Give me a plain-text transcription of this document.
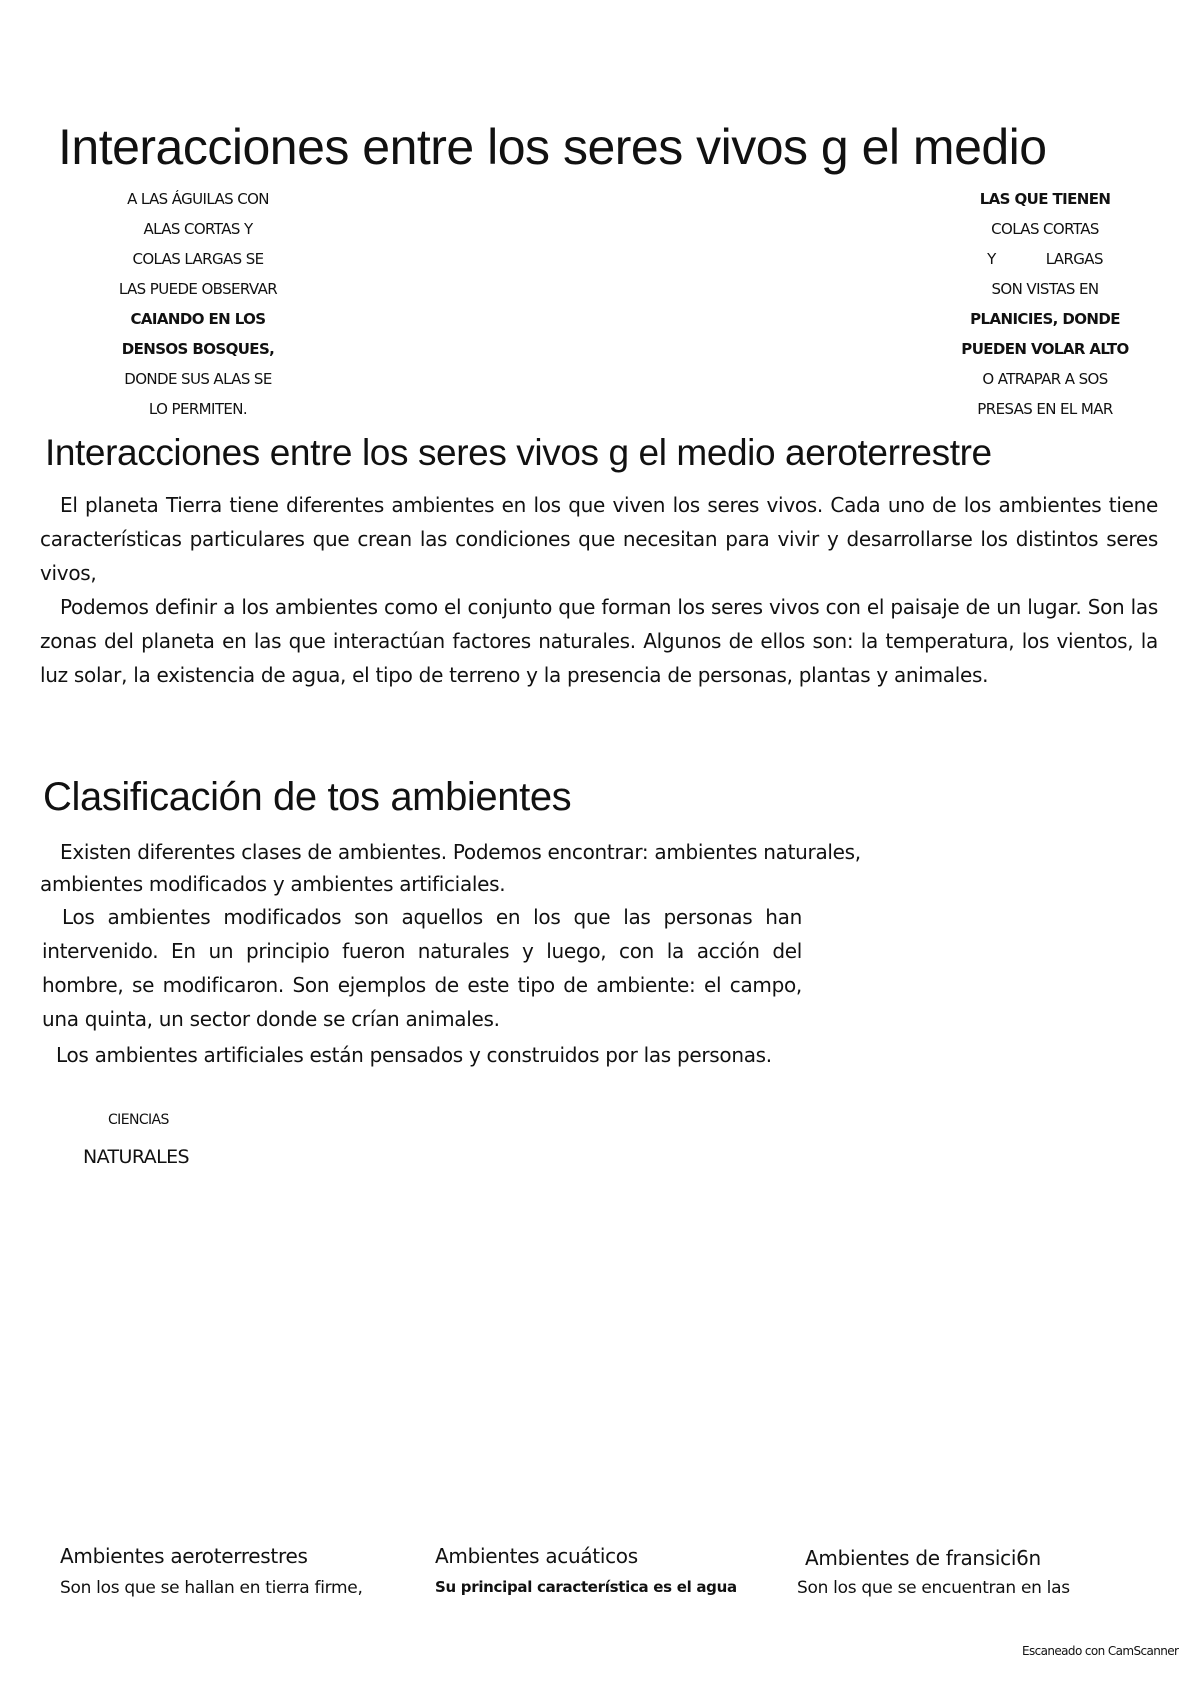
Interacciones entre los seres vivos g el medio
A LAS ÁGUILAS CON
ALAS CORTAS Y
COLAS LARGAS SE
LAS PUEDE OBSERVAR
CAIANDO EN LOS
DENSOS BOSQUES,
DONDE SUS ALAS SE
LO PERMITEN.
LAS QUE TIENEN
COLAS CORTAS
Y            LARGAS
SON VISTAS EN
PLANICIES, DONDE
PUEDEN VOLAR ALTO
O ATRAPAR A SOS
PRESAS EN EL MAR
Interacciones entre los seres vivos g el medio aeroterrestre

El planeta Tierra tiene diferentes ambientes en los que viven los seres vivos. Cada uno de los ambientes tiene características particulares que crean las condiciones que necesitan para vivir y desarrollarse los distintos seres vivos,

Podemos definir a los ambientes como el conjunto que forman los seres vivos con el paisaje de un lugar. Son las zonas del planeta en las que interactúan factores naturales. Algunos de ellos son: la temperatura, los vientos, la luz solar, la existencia de agua, el tipo de terreno y la presencia de personas, plantas y animales.

Clasificación de tos ambientes

Existen diferentes clases de ambientes. Podemos encontrar: ambientes naturales, ambientes modificados y ambientes artificiales.

Los ambientes modificados son aquellos en los que las personas han intervenido. En un principio fueron naturales y luego, con la acción del hombre, se modificaron. Son ejemplos de este tipo de ambiente: el campo, una quinta, un sector donde se crían animales.

Los ambientes artificiales están pensados y construidos por las personas.

CIENCIAS
NATURALES
Ambientes aeroterrestres
Son los que se hallan en tierra firme,
Ambientes acuáticos
Su principal característica es el agua
Ambientes de fransici6n
Son los que se encuentran en las
Escaneado con CamScanner
